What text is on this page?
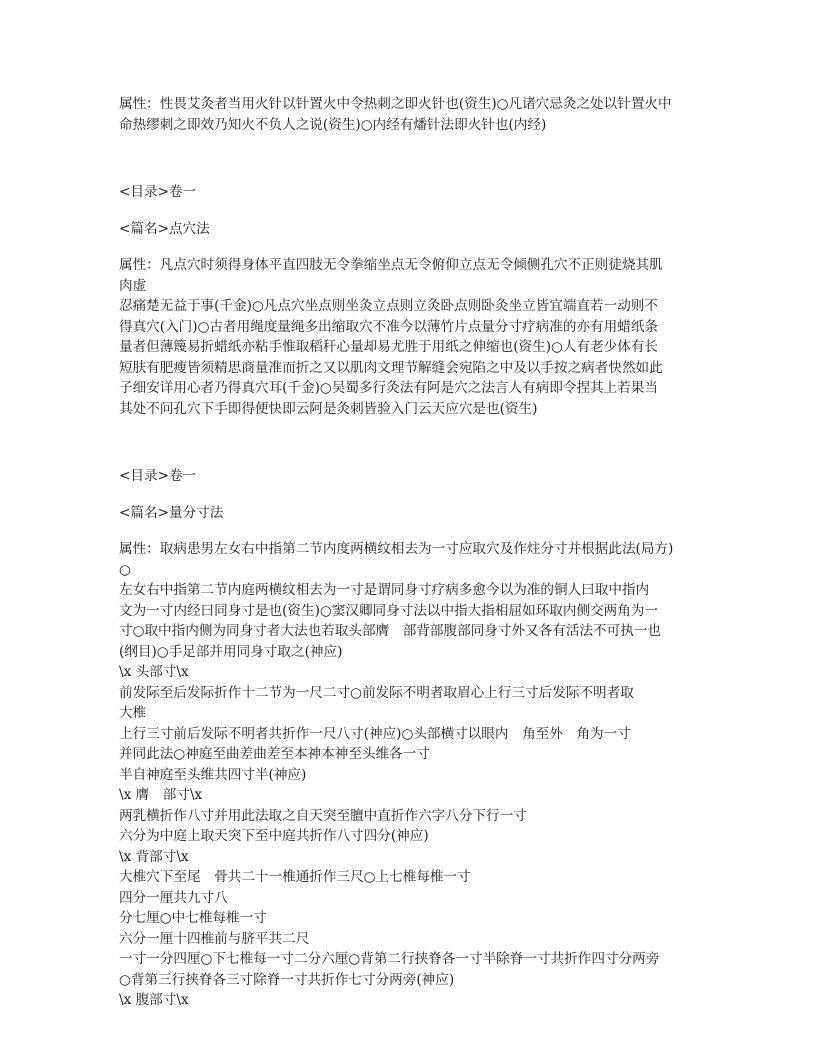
属性：性畏艾灸者当用火针以针置火中令热刺之即火针也(资生)○凡诸穴忌灸之处以针置火中
命热缪刺之即效乃知火不负人之说(资生)○内经有燔针法即火针也(内经)
<目录>卷一
<篇名>点穴法
属性：凡点穴时须得身体平直四肢无令拳缩坐点无令俯仰立点无令倾侧孔穴不正则徒烧其肌
肉虚
忍痛楚无益于事(千金)○凡点穴坐点则坐灸立点则立灸卧点则卧灸坐立皆宜端直若一动则不
得真穴(入门)○古者用绳度量绳多出缩取穴不准今以薄竹片点量分寸疗病准的亦有用蜡纸条
量者但薄篾易折蜡纸亦粘手惟取稻秆心量却易尤胜于用纸之伸缩也(资生)○人有老少体有长
短肤有肥瘦皆须精思商量准而折之又以肌肉文理节解缝会宛陷之中及以手按之病者快然如此
子细安详用心者乃得真穴耳(千金)○吴蜀多行灸法有阿是穴之法言人有病即令捏其上若果当
其处不问孔穴下手即得便快即云阿是灸刺皆验入门云天应穴是也(资生)
<目录>卷一
<篇名>量分寸法
属性：取病患男左女右中指第二节内度两横纹相去为一寸应取穴及作炷分寸并根据此法(局方)
○
左女右中指第二节内庭两横纹相去为一寸是谓同身寸疗病多愈今以为准的铜人曰取中指内
文为一寸内经曰同身寸是也(资生)○窦汉卿同身寸法以中指大指相屈如环取内侧交两角为一
寸○取中指内侧为同身寸者大法也若取头部膺　部背部腹部同身寸外又各有活法不可执一也
(纲目)○手足部并用同身寸取之(神应)
\x 头部寸\x
前发际至后发际折作十二节为一尺二寸○前发际不明者取眉心上行三寸后发际不明者取
大椎
上行三寸前后发际不明者共折作一尺八寸(神应)○头部横寸以眼内　角至外　角为一寸
并同此法○神庭至曲差曲差至本神本神至头维各一寸
半自神庭至头维共四寸半(神应)
\x 膺　部寸\x
两乳横折作八寸并用此法取之自天突至膻中直折作六字八分下行一寸
六分为中庭上取天突下至中庭共折作八寸四分(神应)
\x 背部寸\x
大椎穴下至尾　骨共二十一椎通折作三尺○上七椎每椎一寸
四分一厘共九寸八
分七厘○中七椎每椎一寸
六分一厘十四椎前与脐平共二尺
一寸一分四厘○下七椎每一寸二分六厘○背第二行挟脊各一寸半除脊一寸共折作四寸分两旁
○背第三行挟脊各三寸除脊一寸共折作七寸分两旁(神应)
\x 腹部寸\x
